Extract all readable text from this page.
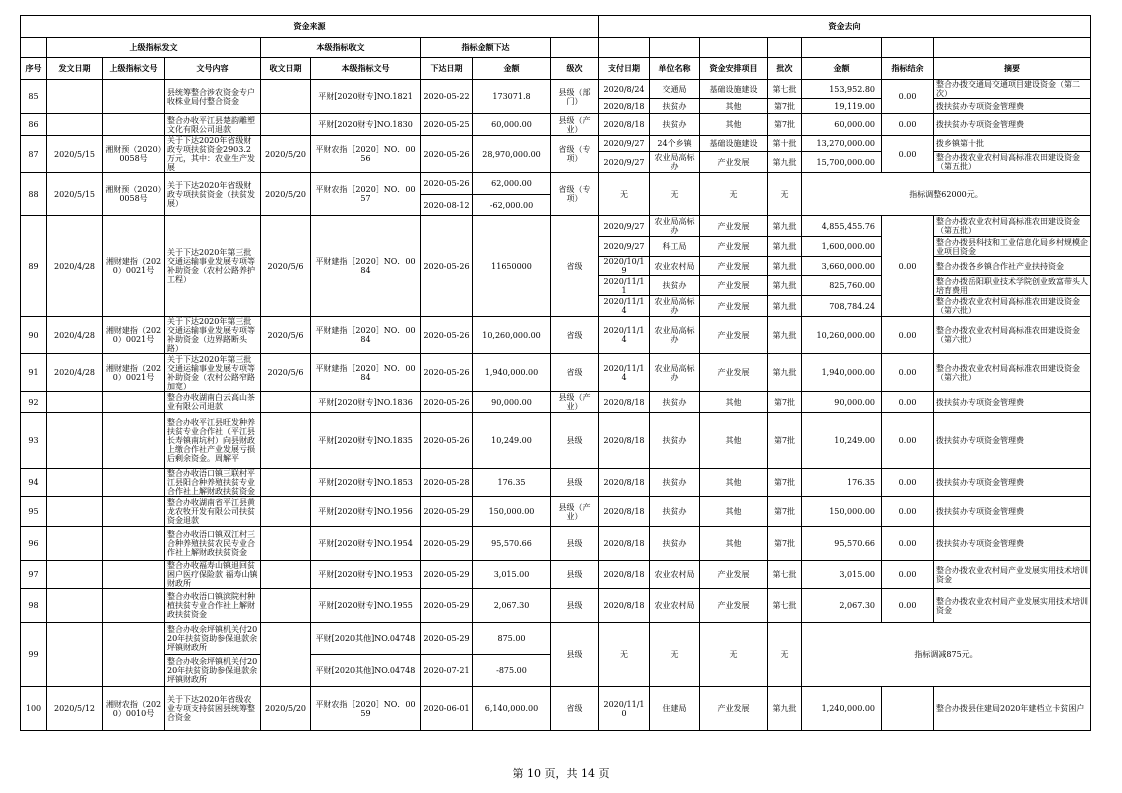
资金来源									资金去向						
	上级指标发文			本级指标收文		指标金额下达									
序号	发文日期	上级指标文号	文号内容	收文日期	本级指标文号	下达日期	金额	级次	支付日期	单位名称	资金安排项目	批次	金额	指标结余	摘要
85			县统筹整合涉农资金专户收株业局付整合资金		平财[2020财专]NO.1821	2020-05-22	173071.8	县级（部门）	2020/8/24	交通局	基础设施建设	第七批	153,952.80	0.00	整合办拨交通局交通项目建设资金（第二次）
									2020/8/18	扶贫办	其他	第7批	19,119.00		拨扶贫办专项资金管理费
86			整合办收平江县楚韵雕塑文化有限公司退款		平财[2020财专]NO.1830	2020-05-25	60,000.00	县级（产业）	2020/8/18	扶贫办	其他	第7批	60,000.00	0.00	拨扶贫办专项资金管理费
87	2020/5/15	湘财预（2020）0058号	关于下达2020年省级财政专项扶贫资金2903.2万元，其中：农业生产发展	2020/5/20	平财农指［2020］NO．0056	2020-05-26	28,970,000.00	省级（专项）	2020/9/27	24个乡镇	基础设施建设	第十批	13,270,000.00	0.00	拨乡镇第十批
									2020/9/27	农业局高标办	产业发展	第九批	15,700,000.00		整合办拨农业农村局高标准农田建设资金（第五批）
88	2020/5/15	湘财预（2020）0058号	关于下达2020年省级财政专项扶贫资金（扶贫发展）	2020/5/20	平财农指［2020］NO．0057	2020-05-26	62,000.00	省级（专项）	无	无	无	无	指标调整62000元。		
						2020-08-12	-62,000.00								
89	2020/4/28	湘财建指（2020）0021号	关于下达2020年第三批交通运输事业发展专项等补助资金（农村公路养护工程）	2020/5/6	平财建指［2020］NO．0084	2020-05-26	11650000	省级	2020/9/27	农业局高标办	产业发展	第九批	4,855,455.76	0.00	整合办拨农业农村局高标准农田建设资金（第五批）
									2020/9/27	科工局	产业发展	第九批	1,600,000.00		整合办拨县科技和工业信息化局乡村规模企业项目资金
									2020/10/19	农业农村局	产业发展	第九批	3,660,000.00		整合办拨各乡镇合作社产业扶持资金
									2020/11/11	扶贫办	产业发展	第九批	825,760.00		整合办拨岳阳职业技术学院创业致富带头人培育费用
									2020/11/14	农业局高标办	产业发展	第九批	708,784.24		整合办拨农业农村局高标准农田建设资金（第六批）
90	2020/4/28	湘财建指（2020）0021号	关于下达2020年第三批交通运输事业发展专项等补助资金（边界路断头路）	2020/5/6	平财建指［2020］NO．0084	2020-05-26	10,260,000.00	省级	2020/11/14	农业局高标办	产业发展	第九批	10,260,000.00	0.00	整合办拨农业农村局高标准农田建设资金（第六批）
91	2020/4/28	湘财建指（2020）0021号	关于下达2020年第三批交通运输事业发展专项等补助资金（农村公路窄路加宽）	2020/5/6	平财建指［2020］NO．0084	2020-05-26	1,940,000.00	省级	2020/11/14	农业局高标办	产业发展	第九批	1,940,000.00	0.00	整合办拨农业农村局高标准农田建设资金（第六批）
92			整合办收湖南白云高山茶业有限公司退款		平财[2020财专]NO.1836	2020-05-26	90,000.00	县级（产业）	2020/8/18	扶贫办	其他	第7批	90,000.00	0.00	拨扶贫办专项资金管理费
93			整合办收平江县旺发种养扶贫专业合作社（平江县长寿镇南坑村）向县财政上缴合作社产业发展亏损后剩余资金。周解平		平财[2020财专]NO.1835	2020-05-26	10,249.00	县级	2020/8/18	扶贫办	其他	第7批	10,249.00	0.00	拨扶贫办专项资金管理费
94			整合办收浯口镇三联村平江县阳合种养殖扶贫专业合作社上解财政扶贫资金		平财[2020财专]NO.1853	2020-05-28	176.35	县级	2020/8/18	扶贫办	其他	第7批	176.35	0.00	拨扶贫办专项资金管理费
95			整合办收湖南省平江县黄龙农牧开发有限公司扶贫资金退款		平财[2020财专]NO.1956	2020-05-29	150,000.00	县级（产业）	2020/8/18	扶贫办	其他	第7批	150,000.00	0.00	拨扶贫办专项资金管理费
96			整合办收浯口镇双江村三合种养殖扶贫农民专业合作社上解财政扶贫资金		平财[2020财专]NO.1954	2020-05-29	95,570.66	县级	2020/8/18	扶贫办	其他	第7批	95,570.66	0.00	拨扶贫办专项资金管理费
97			整合办收福寿山镇退回贫困户医疗保险款 福寿山镇财政所		平财[2020财专]NO.1953	2020-05-29	3,015.00	县级	2020/8/18	农业农村局	产业发展	第七批	3,015.00	0.00	整合办拨农业农村局产业发展实用技术培训资金
98			整合办收浯口镇滨院村种植扶贫专业合作社上解财政扶贫资金		平财[2020财专]NO.1955	2020-05-29	2,067.30	县级	2020/8/18	农业农村局	产业发展	第七批	2,067.30	0.00	整合办拨农业农村局产业发展实用技术培训资金
99			整合办收余坪镇机关付2020年扶贫资助参保退款余坪镇财政所		平财[2020其他]NO.04748	2020-05-29	875.00	县级	无	无	无	无	指标调减875元。		
			整合办收余坪镇机关付2020年扶贫资助参保退款余坪镇财政所		平财[2020其他]NO.04748	2020-07-21	-875.00								
100	2020/5/12	湘财农指（2020）0010号	关于下达2020年省级农业专项支持贫困县统筹整合资金	2020/5/20	平财农指［2020］NO．0059	2020-06-01	6,140,000.00	省级	2020/11/10	住建局	产业发展	第九批	1,240,000.00		整合办拨县住建局2020年建档立卡贫困户
第 10 页，共 14 页
